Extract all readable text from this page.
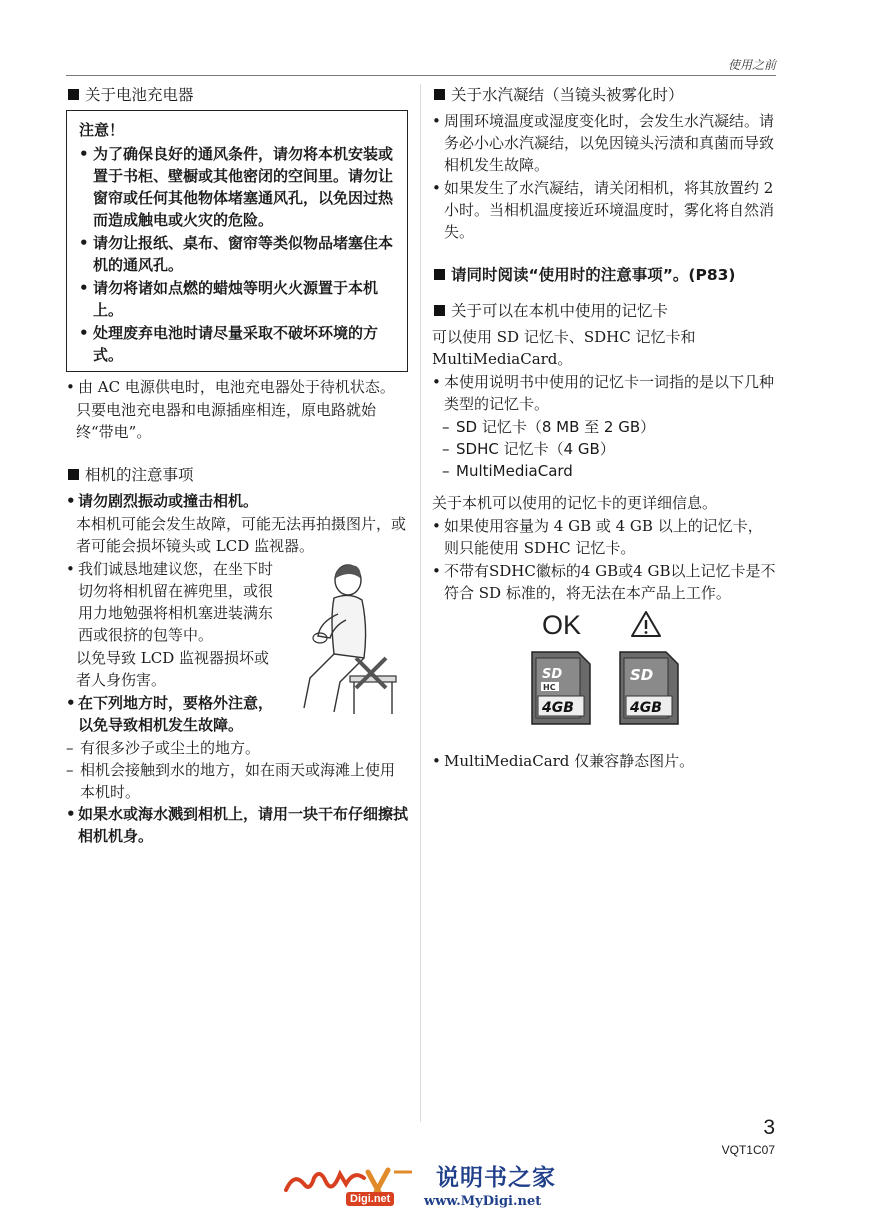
使用之前
关于电池充电器
注意！
• 为了确保良好的通风条件，请勿将本机安装或置于书柜、壁橱或其他密闭的空间里。请勿让窗帘或任何其他物体堵塞通风孔，以免因过热而造成触电或火灾的危险。
• 请勿让报纸、桌布、窗帘等类似物品堵塞住本机的通风孔。
• 请勿将诸如点燃的蜡烛等明火火源置于本机上。
• 处理废弃电池时请尽量采取不破坏环境的方式。
• 由 AC 电源供电时，电池充电器处于待机状态。
只要电池充电器和电源插座相连，原电路就始终“带电”。
相机的注意事项
• 请勿剧烈振动或撞击相机。
本相机可能会发生故障，可能无法再拍摄图片，或者可能会损坏镜头或 LCD 监视器。
• 我们诚恳地建议您，在坐下时切勿将相机留在裤兜里，或很用力地勉强将相机塞进装满东西或很挤的包等中。
以免导致 LCD 监视器损坏或者人身伤害。
• 在下列地方时，要格外注意，以免导致相机发生故障。
– 有很多沙子或尘土的地方。
– 相机会接触到水的地方，如在雨天或海滩上使用本机时。
• 如果水或海水溅到相机上，请用一块干布仔细擦拭相机机身。
关于水汽凝结（当镜头被雾化时）
• 周围环境温度或湿度变化时，会发生水汽凝结。请务必小心水汽凝结，以免因镜头污渍和真菌而导致相机发生故障。
• 如果发生了水汽凝结，请关闭相机，将其放置约 2 小时。当相机温度接近环境温度时，雾化将自然消失。
请同时阅读“使用时的注意事项”。(P83)
关于可以在本机中使用的记忆卡
可以使用 SD 记忆卡、SDHC 记忆卡和 MultiMediaCard。
• 本使用说明书中使用的记忆卡一词指的是以下几种类型的记忆卡。
– SD 记忆卡（8 MB 至 2 GB）
– SDHC 记忆卡（4 GB）
– MultiMediaCard
关于本机可以使用的记忆卡的更详细信息。
• 如果使用容量为 4 GB 或 4 GB 以上的记忆卡，则只能使用 SDHC 记忆卡。
• 不带有SDHC徽标的4 GB或4 GB以上记忆卡是不符合 SD 标准的，将无法在本产品上工作。
OK
SD
HC
4GB
SD
4GB
• MultiMediaCard 仅兼容静态图片。
3
VQT1C07
Digi.net
说明书之家
www.MyDigi.net
